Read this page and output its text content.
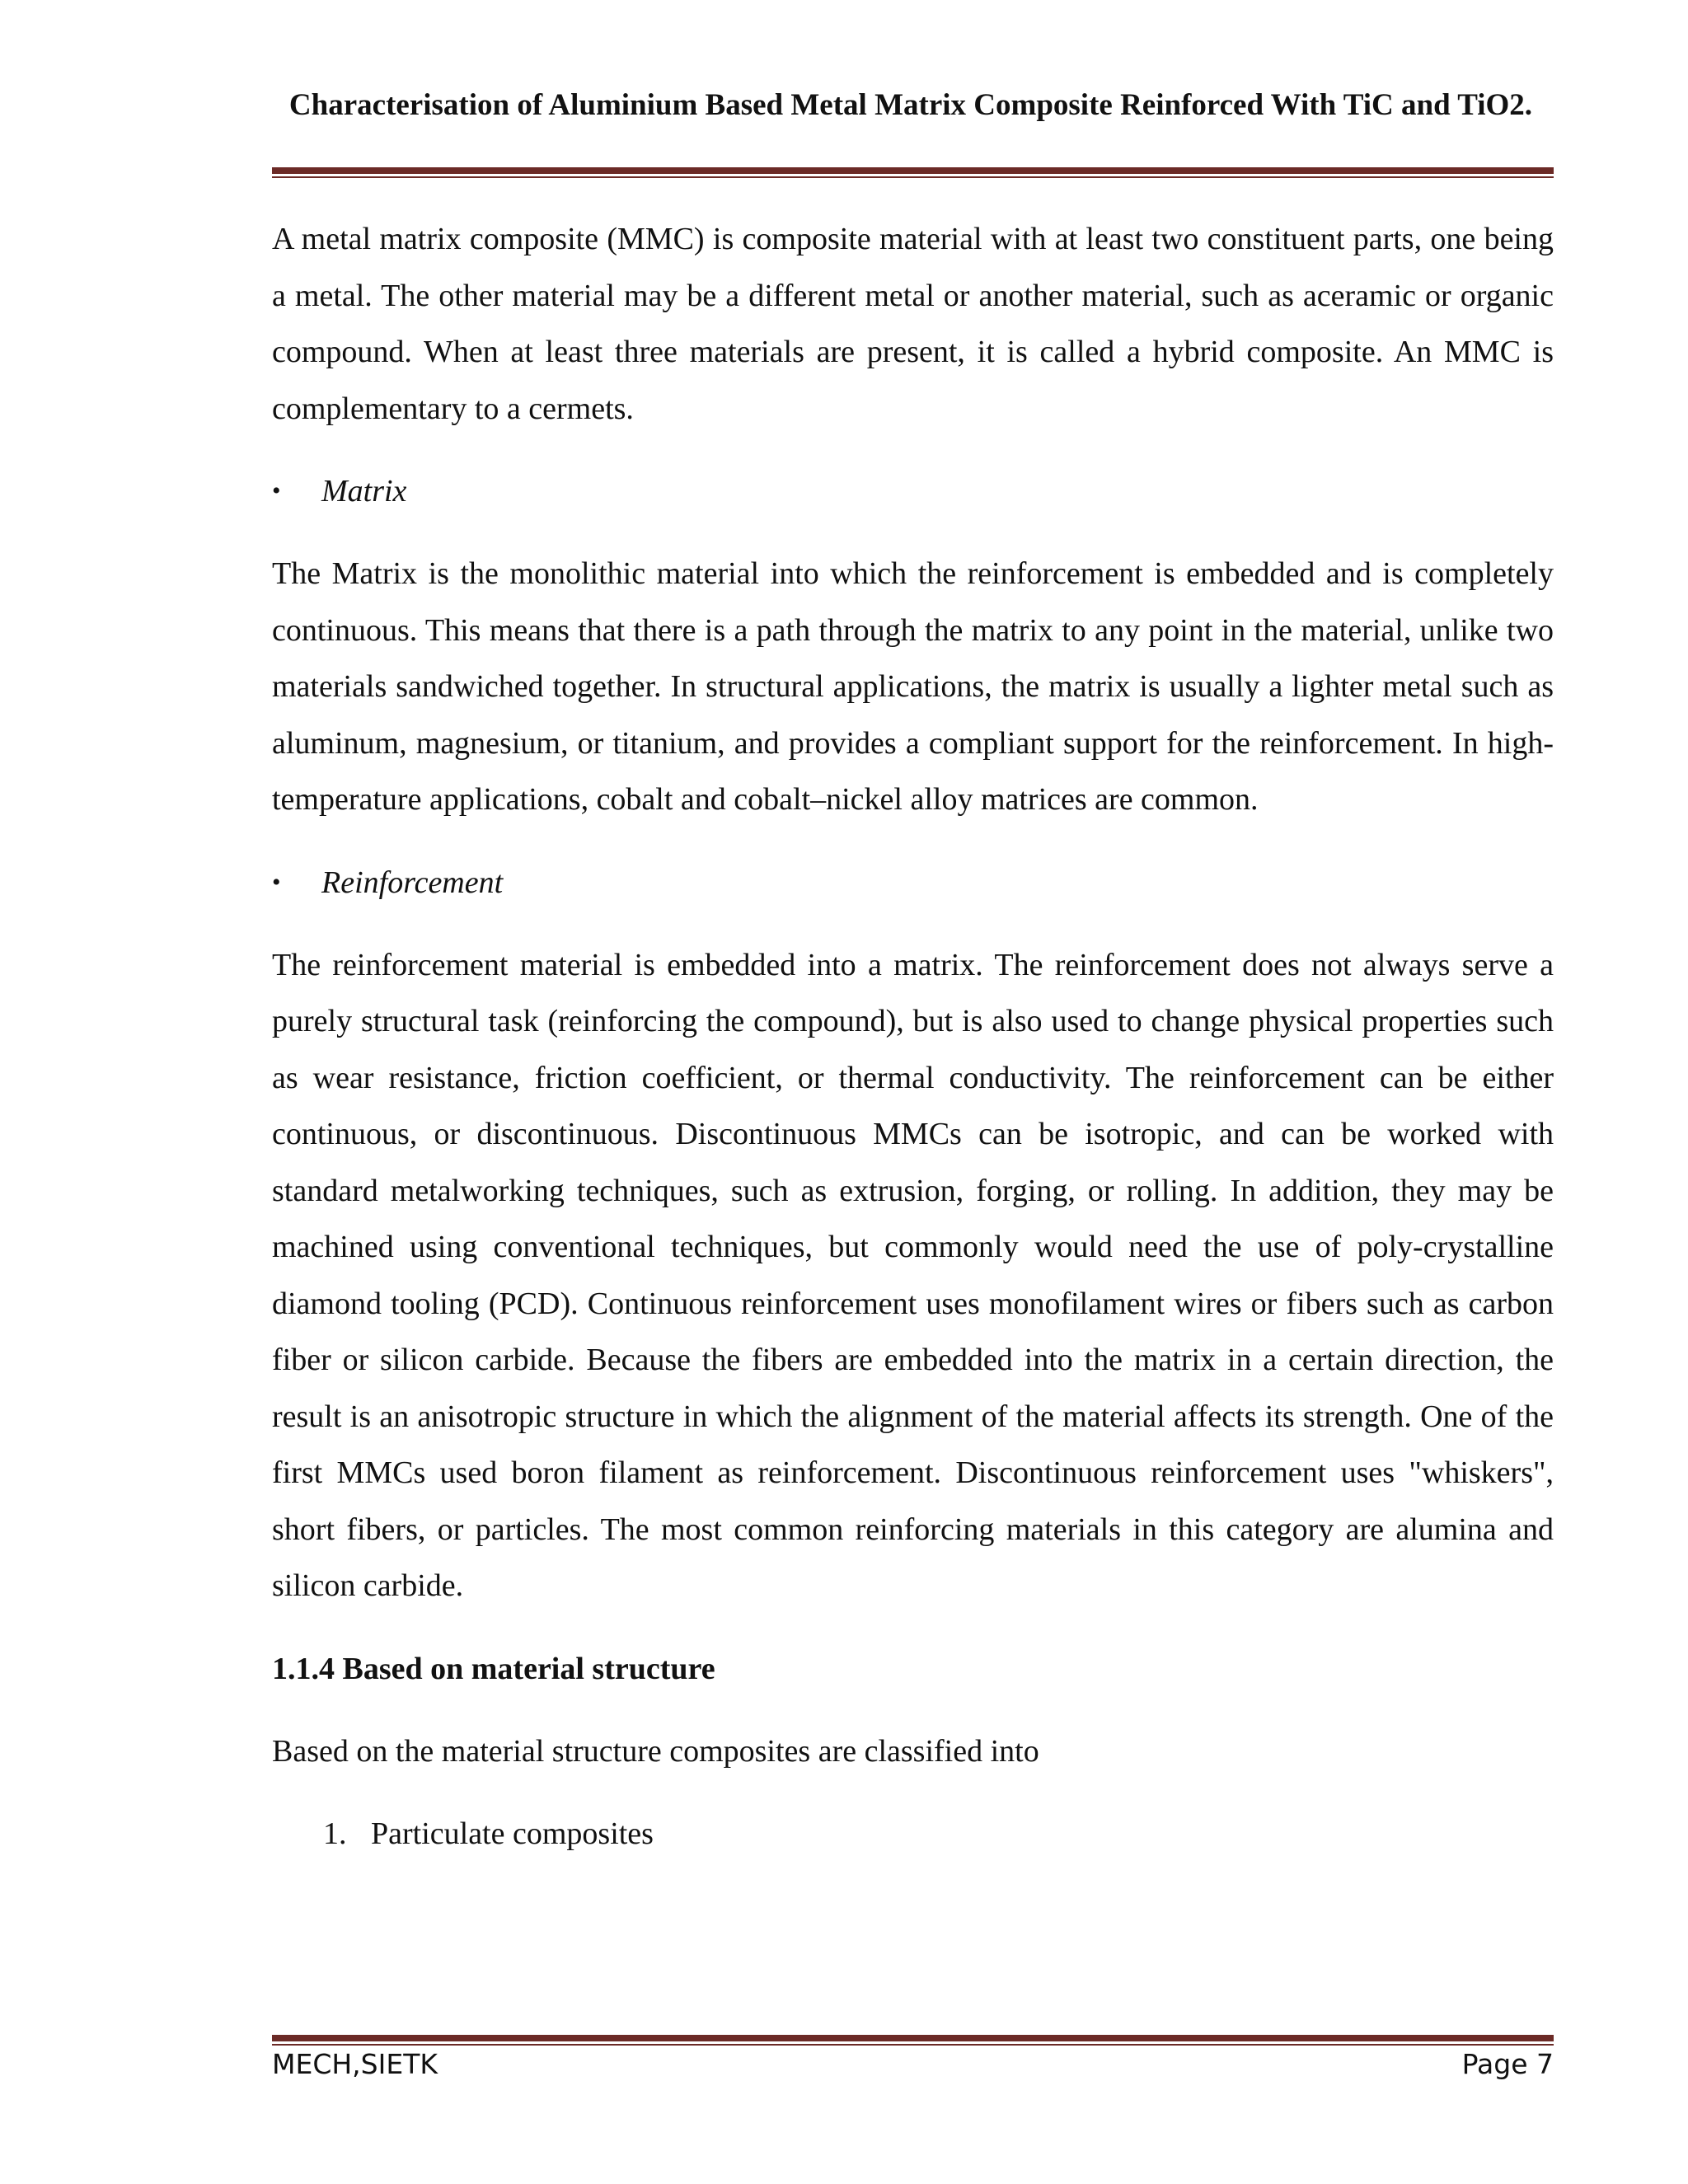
Characterisation of Aluminium Based Metal Matrix Composite Reinforced With TiC and TiO2.

A metal matrix composite (MMC) is composite material with at least two constituent parts, one being a metal. The other material may be a different metal or another material, such as aceramic or organic compound. When at least three materials are present, it is called a hybrid composite. An MMC is complementary to a cermets.

•	Matrix

The Matrix is the monolithic material into which the reinforcement is embedded and is completely continuous. This means that there is a path through the matrix to any point in the material, unlike two materials sandwiched together. In structural applications, the matrix is usually a lighter metal such as aluminum, magnesium, or titanium, and provides a compliant support for the reinforcement. In high-temperature applications, cobalt and cobalt–nickel alloy matrices are common.

•	Reinforcement

The reinforcement material is embedded into a matrix. The reinforcement does not always serve a purely structural task (reinforcing the compound), but is also used to change physical properties such as wear resistance, friction coefficient, or thermal conductivity. The reinforcement can be either continuous, or discontinuous. Discontinuous MMCs can be isotropic, and can be worked with standard metalworking techniques, such as extrusion, forging, or rolling. In addition, they may be machined using conventional techniques, but commonly would need the use of poly-crystalline diamond tooling (PCD). Continuous reinforcement uses monofilament wires or fibers such as carbon fiber or silicon carbide. Because the fibers are embedded into the matrix in a certain direction, the result is an anisotropic structure in which the alignment of the material affects its strength. One of the first MMCs used boron filament as reinforcement. Discontinuous reinforcement uses "whiskers", short fibers, or particles. The most common reinforcing materials in this category are alumina and silicon carbide.

1.1.4 Based on material structure

Based on the material structure composites are classified into

1. Particulate composites
MECH,SIETK	Page 7
